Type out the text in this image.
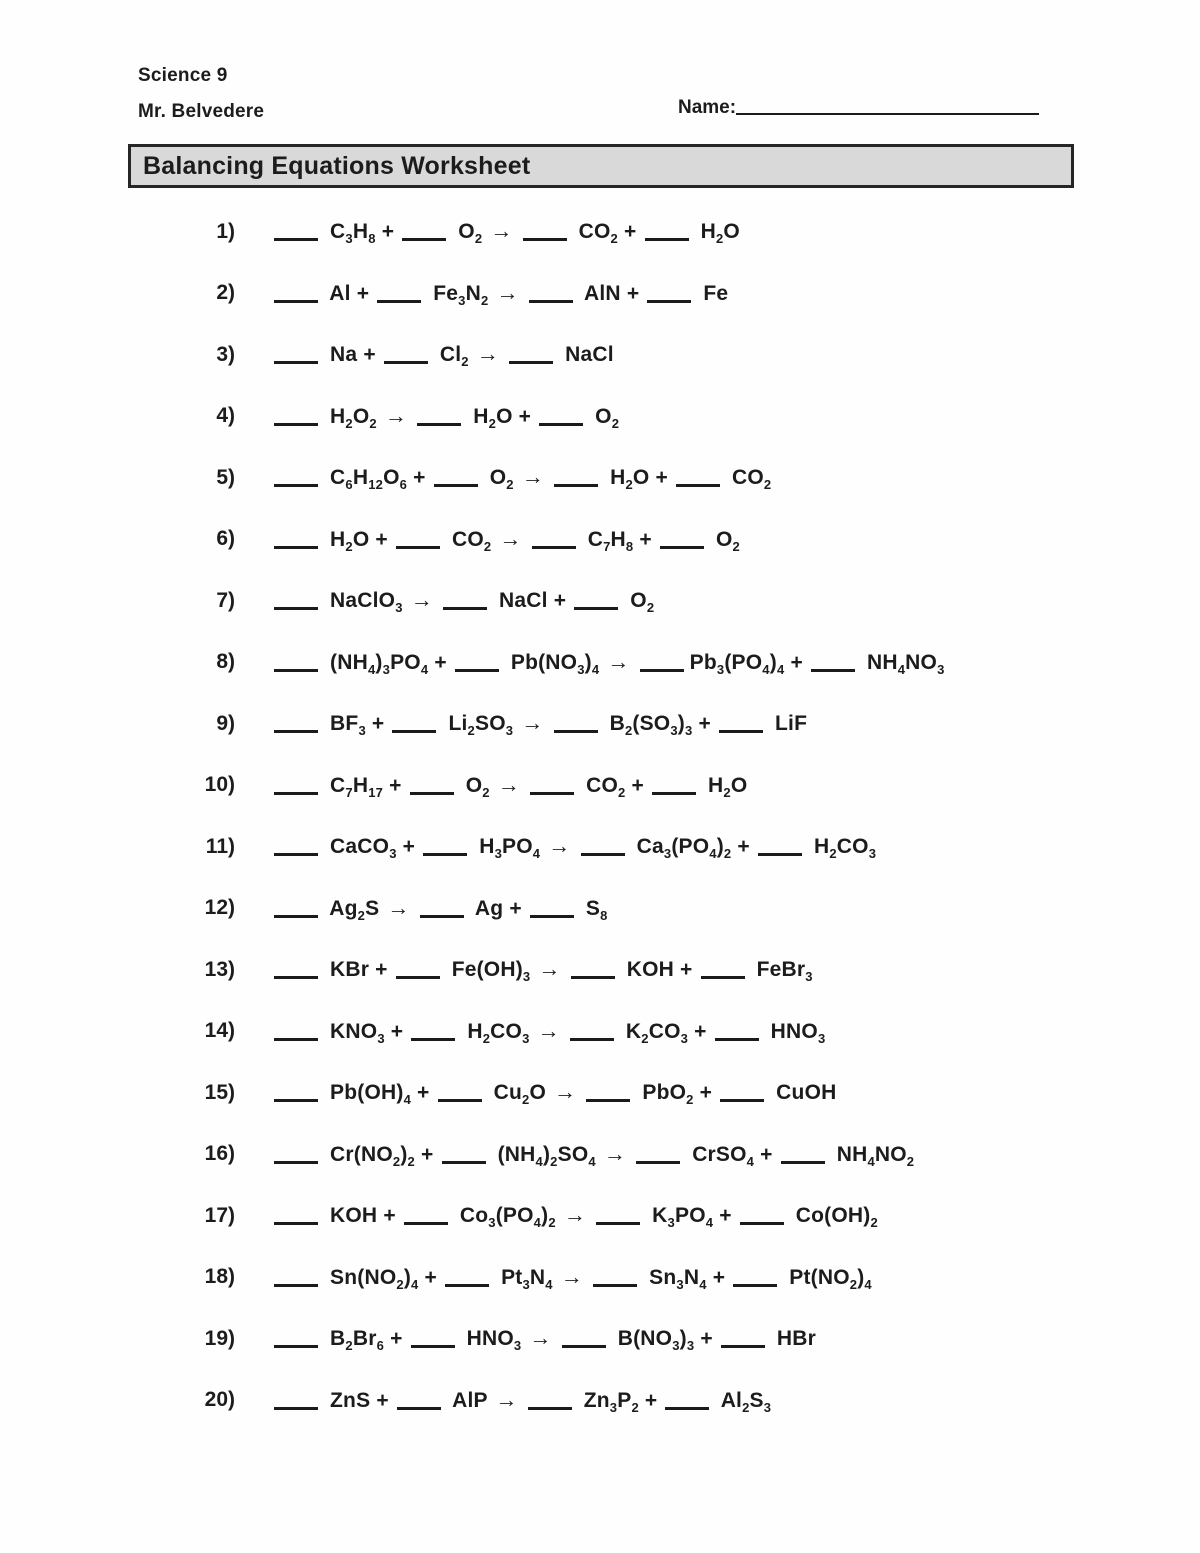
Science 9
Mr. Belvedere	Name:
Balancing Equations Worksheet
1)	$C_3H_8 + O_2$ →	$CO_2 + H_2O$
2)	$Al + Fe_3N_2$ →	AlN +  Fe
3)	$Na + Cl_2$ →	NaCl
4)	$H_2O_2$ →	$H_2O + O_2$
5)	$C_6H_{12}O_6 + O_2$ →	$H_2O + CO_2$
6)	$H_2O + CO_2$ →	$C_7H_8 + O_2$
7)	NaClO$_3$ →	NaCl +  $O_2$
8)	$(NH_4)_3PO_4 + Pb(NO_3)_4$ →	$Pb_3(PO_4)_4 + NH_4NO_3$
9)	$BF_3 + Li_2SO_3$ →	$B_2(SO_3)_3$ +  LiF
10)	$C_7H_{17} + O_2$ →	$CO_2 + H_2O$
11)	CaCO$_3$ +  $H_3PO_4$ →	$Ca_3(PO_4)_2 + H_2CO_3$
12)	$Ag_2S$ →	$Ag + S_8$
13)	KBr +  $Fe(OH)_3$ →	KOH +  FeBr$_3$
14)	$KNO_3 + H_2CO_3$ →	$K_2CO_3 + HNO_3$
15)	$Pb(OH)_4 + Cu_2O$ →	PbO$_2$ +  CuOH
16)	$Cr(NO_2)_2 + (NH_4)_2SO_4$ →	CrSO$_4$ +  $NH_4NO_2$
17)	KOH +  $Co_3(PO_4)_2$ →	$K_3PO_4 + Co(OH)_2$
18)	$Sn(NO_2)_4 + Pt_3N_4$ →	$Sn_3N_4 + Pt(NO_2)_4$
19)	$B_2Br_6 + HNO_3$ →	$B(NO_3)_3$ +  HBr
20)	ZnS +  AlP →	$Zn_3P_2 + Al_2S_3$
